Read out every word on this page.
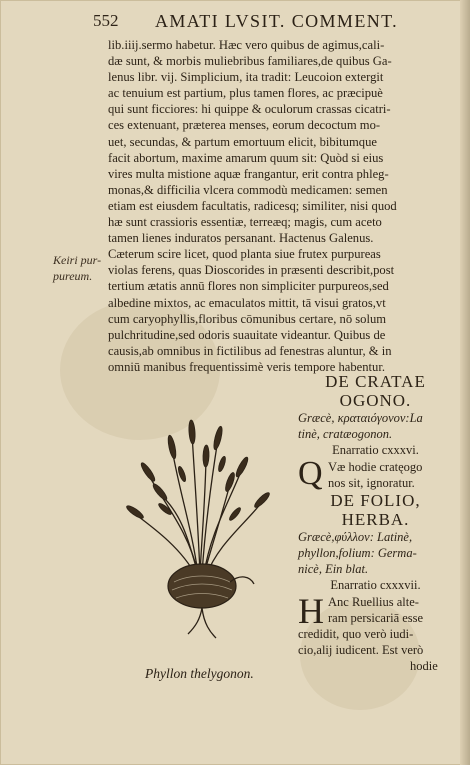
552 AMATI LVSIT. COMMENT.
lib.iiij.sermo habetur. Hæc vero quibus de agimus,cali-
dæ sunt, & morbis muliebribus familiares,de quibus Ga-
lenus libr. vij. Simplicium, ita tradit: Leucoion extergit
ac tenuium est partium, plus tamen flores, ac præcipuè
qui sunt ficciores: hi quippe & oculorum crassas cicatri-
ces extenuant, præterea menses, eorum decoctum mo-
uet, secundas, & partum emortuum elicit, bibitumque
facit abortum, maxime amarum quum sit: Quòd si eius
vires multa mistione aquæ frangantur, erit contra phleg-
monas,& difficilia vlcera commodù medicamen: semen
etiam est eiusdem facultatis, radicesq; similiter, nisi quod
hæ sunt crassioris essentiæ, terreæq; magis, cum aceto
tamen lienes induratos persanant. Hactenus Galenus.
Cæterum scire licet, quod planta siue frutex purpureas
violas ferens, quas Dioscorides in præsenti describit,post
tertium ætatis annū flores non simpliciter purpureos,sed
albedine mixtos, ac emaculatos mittit, tā visui gratos,vt
cum caryophyllis,floribus cōmunibus certare, nō solum
pulchritudine,sed odoris suauitate videantur. Quibus de
causis,ab omnibus in fictilibus ad fenestras aluntur, & in
omniū manibus frequentissimè veris tempore habentur.
Keiri pur-
pureum.
Phyllon thelygonon.
DE CRATAE
OGONO.
Græcè, κραταιόγονον:La
tinè, cratæogonon.
Enarratio cxxxvi.
Q Væ hodie cratęogo
nos sit, ignoratur.
DE FOLIO,
HERBA.
Græcè,φύλλον: Latinè,
phyllon,folium: Germa-
nicè, Ein blat.
Enarratio cxxxvii.
H Anc Ruellius alte-
ram persicariā esse
credidit, quo verò iudi-
cio,alij iudicent. Est verò
hodie
